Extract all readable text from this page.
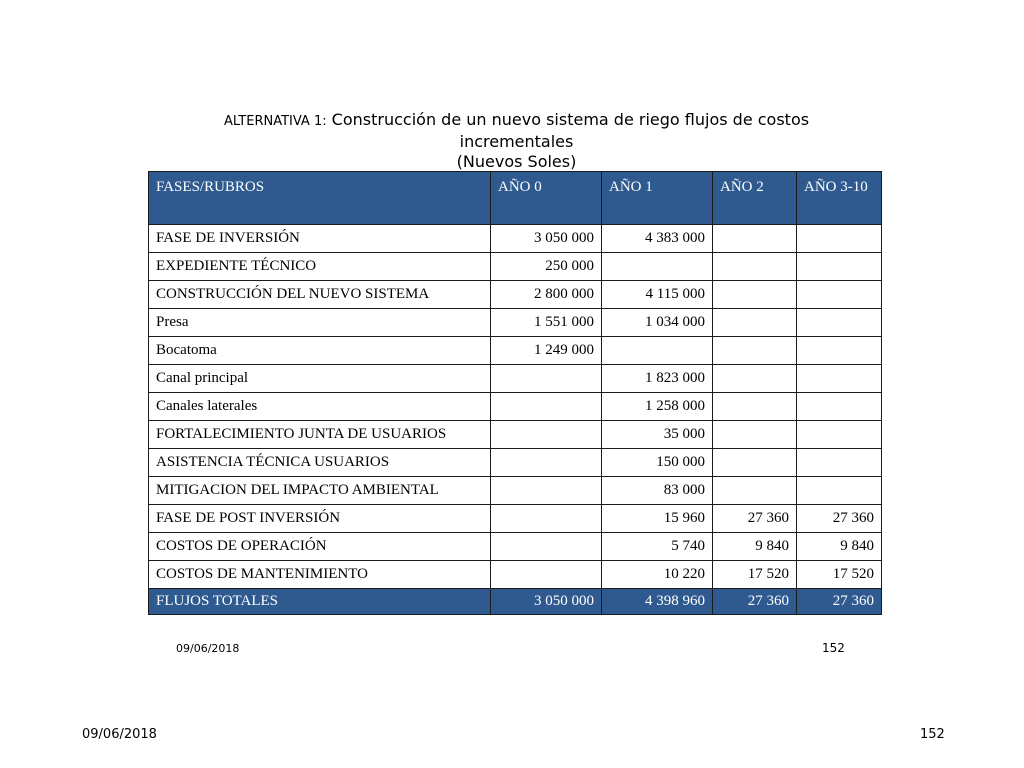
ALTERNATIVA 1: Construcción de un nuevo sistema de riego flujos de costos
incrementales
(Nuevos Soles)
FASES/RUBROS	AÑO 0	AÑO 1	AÑO 2	AÑO 3-10
FASE DE INVERSIÓN	3 050 000	4 383 000		
EXPEDIENTE TÉCNICO	250 000			
CONSTRUCCIÓN DEL NUEVO SISTEMA	2 800 000	4 115 000		
Presa	1 551 000	1 034 000		
Bocatoma	1 249 000			
Canal principal		1 823 000		
Canales laterales		1 258 000		
FORTALECIMIENTO JUNTA DE USUARIOS		35 000		
ASISTENCIA TÉCNICA USUARIOS		150 000		
MITIGACION DEL IMPACTO AMBIENTAL		83 000		
FASE DE POST INVERSIÓN		15 960	27 360	27 360
COSTOS DE OPERACIÓN		5 740	9 840	9 840
COSTOS DE MANTENIMIENTO		10 220	17 520	17 520
FLUJOS TOTALES	3 050 000	4 398 960	27 360	27 360
09/06/2018	152
09/06/2018	152
